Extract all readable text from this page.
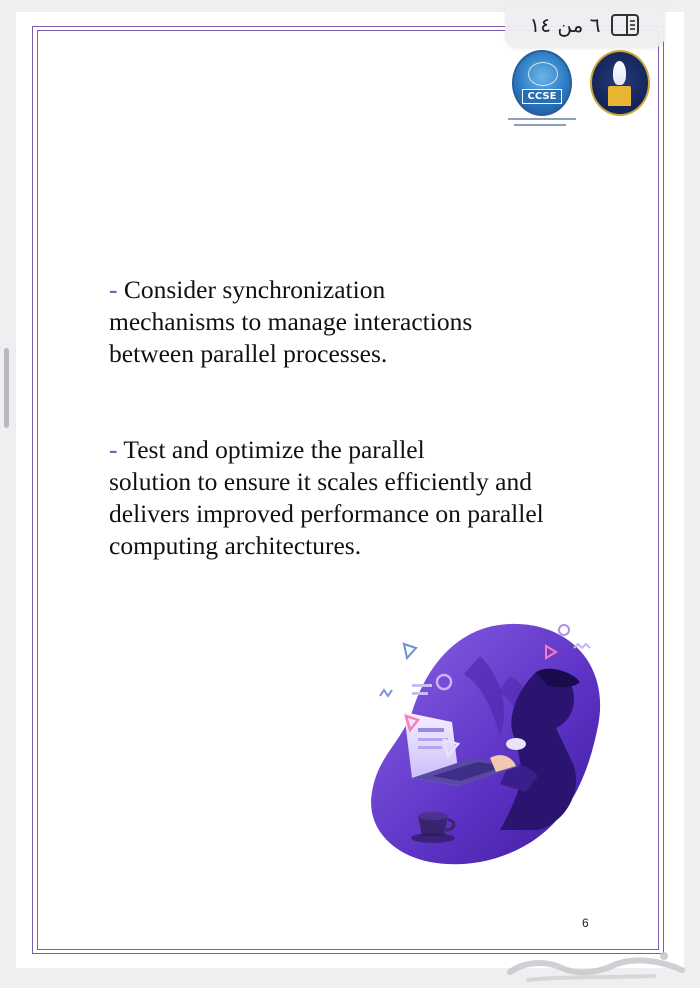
٦ من ١٤
CCSE

- Consider synchronization
mechanisms to manage interactions
between parallel processes.

- Test and optimize the parallel
solution to ensure it scales efficiently and
delivers improved performance on parallel
computing architectures.

6
